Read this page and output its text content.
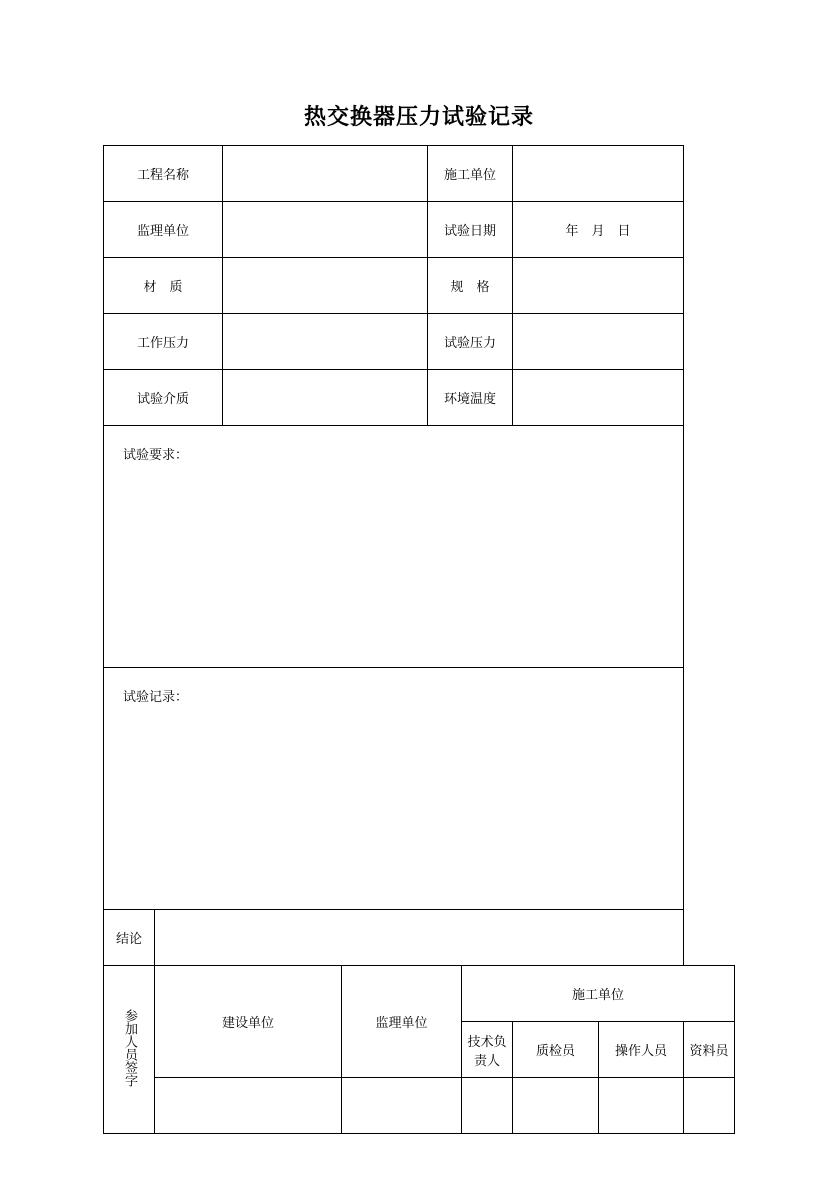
热交换器压力试验记录
工程名称				施工单位				
监理单位				试验日期		年　月　日		
材　质				规　格				
工作压力				试验压力				
试验介质				环境温度				
试验要求：								
试验记录：								
结论								
参加人员签字	建设单位		监理单位		施工单位			
					技术负责人	质检员	操作人员	资料员
